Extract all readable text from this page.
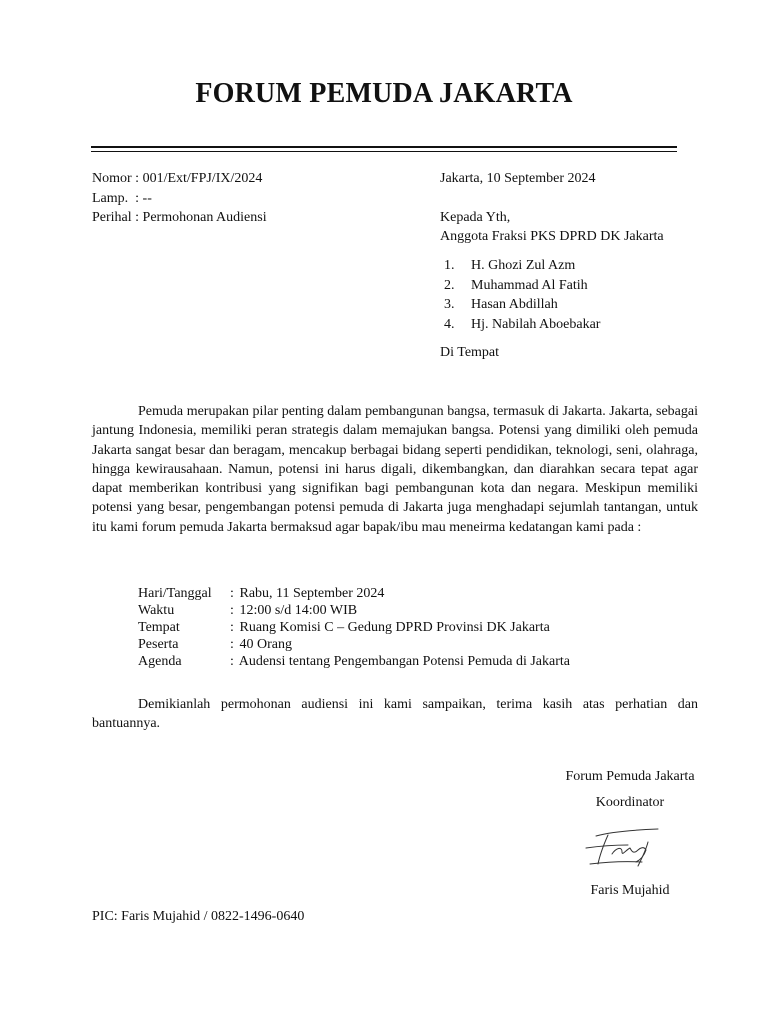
FORUM PEMUDA JAKARTA
Nomor : 001/Ext/FPJ/IX/2024
Lamp.  : --
Perihal : Permohonan Audiensi
Jakarta, 10 September 2024
Kepada Yth,
Anggota Fraksi PKS DPRD DK Jakarta
1. H. Ghozi Zul Azm
2. Muhammad Al Fatih
3. Hasan Abdillah
4. Hj. Nabilah Aboebakar
Di Tempat

Pemuda merupakan pilar penting dalam pembangunan bangsa, termasuk di Jakarta. Jakarta, sebagai jantung Indonesia, memiliki peran strategis dalam memajukan bangsa. Potensi yang dimiliki oleh pemuda Jakarta sangat besar dan beragam, mencakup berbagai bidang seperti pendidikan, teknologi, seni, olahraga, hingga kewirausahaan. Namun, potensi ini harus digali, dikembangkan, dan diarahkan secara tepat agar dapat memberikan kontribusi yang signifikan bagi pembangunan kota dan negara. Meskipun memiliki potensi yang besar, pengembangan potensi pemuda di Jakarta juga menghadapi sejumlah tantangan, untuk itu kami forum pemuda Jakarta bermaksud agar bapak/ibu mau meneirma kedatangan kami pada :

Hari/Tanggal : Rabu, 11 September 2024
Waktu	: 12:00 s/d 14:00 WIB
Tempat	: Ruang Komisi C – Gedung DPRD Provinsi DK Jakarta
Peserta	: 40 Orang
Agenda	: Audensi tentang Pengembangan Potensi Pemuda di Jakarta

Demikianlah permohonan audiensi ini kami sampaikan, terima kasih atas perhatian dan bantuannya.

Forum Pemuda Jakarta
Koordinator
Faris Mujahid
PIC: Faris Mujahid / 0822-1496-0640
